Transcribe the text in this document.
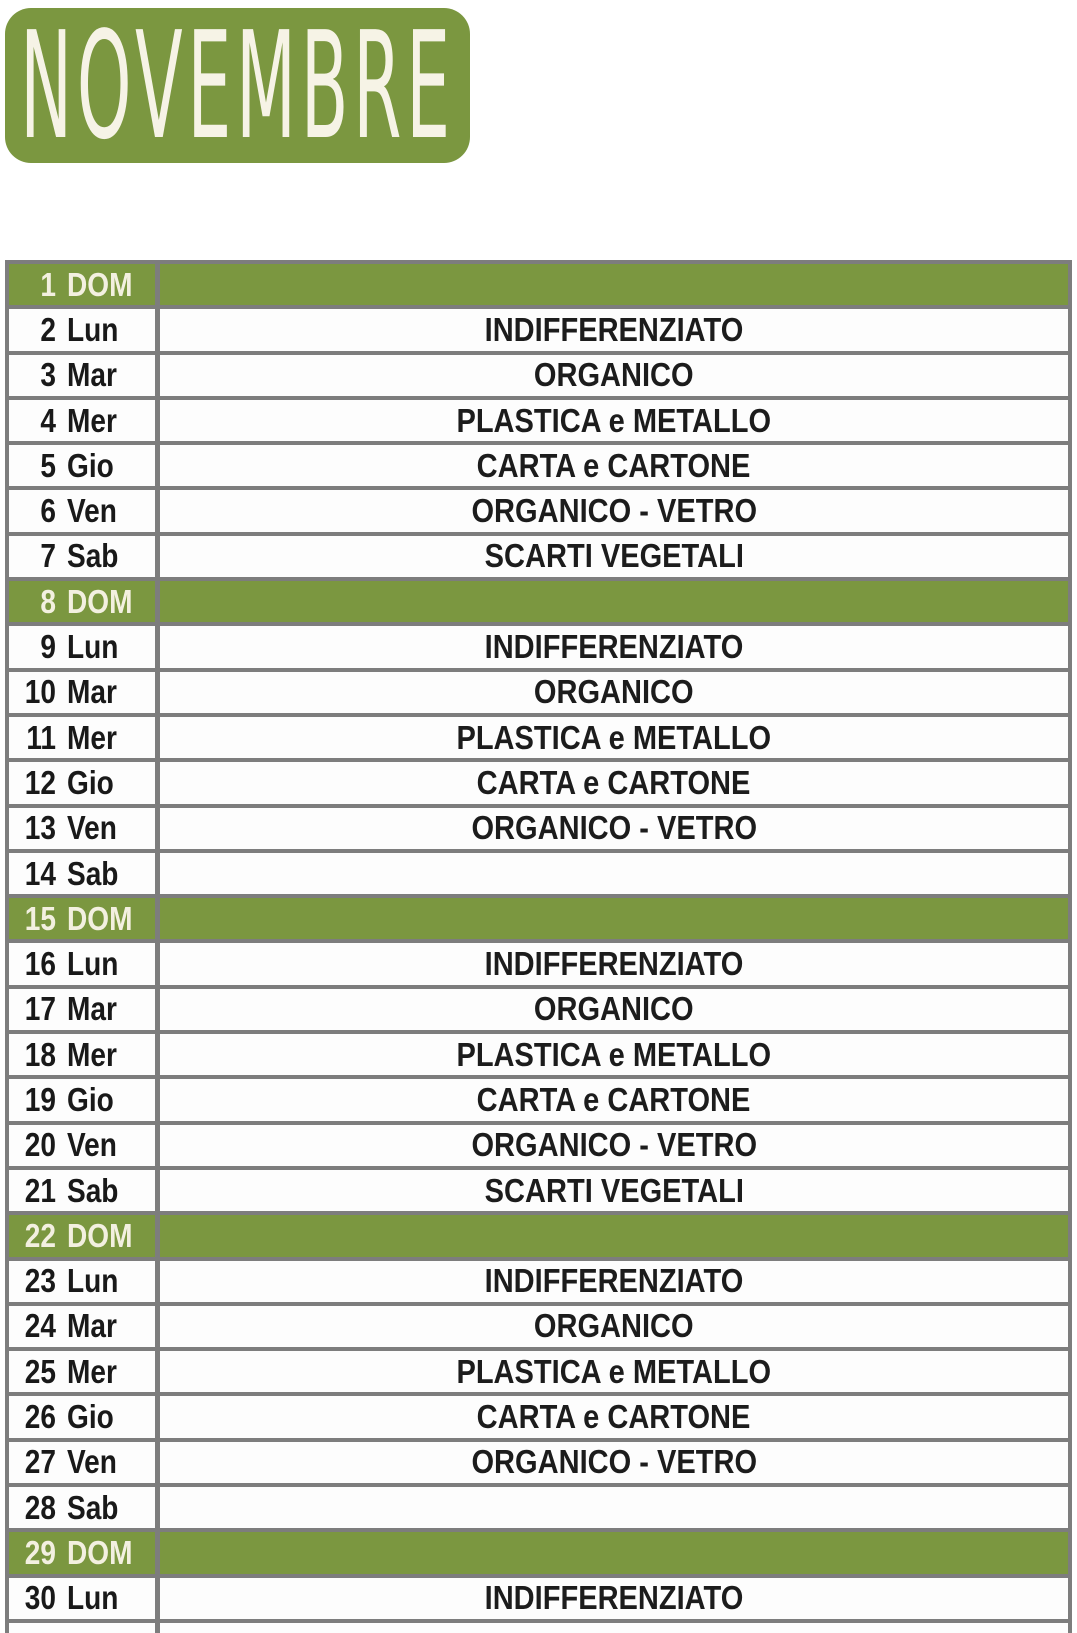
NOVEMBRE
1 DOM
2 Lun	INDIFFERENZIATO
3 Mar	ORGANICO
4 Mer	PLASTICA e METALLO
5 Gio	CARTA e CARTONE
6 Ven	ORGANICO - VETRO
7 Sab	SCARTI VEGETALI
8 DOM
9 Lun	INDIFFERENZIATO
10 Mar	ORGANICO
11 Mer	PLASTICA e METALLO
12 Gio	CARTA e CARTONE
13 Ven	ORGANICO - VETRO
14 Sab
15 DOM
16 Lun	INDIFFERENZIATO
17 Mar	ORGANICO
18 Mer	PLASTICA e METALLO
19 Gio	CARTA e CARTONE
20 Ven	ORGANICO - VETRO
21 Sab	SCARTI VEGETALI
22 DOM
23 Lun	INDIFFERENZIATO
24 Mar	ORGANICO
25 Mer	PLASTICA e METALLO
26 Gio	CARTA e CARTONE
27 Ven	ORGANICO - VETRO
28 Sab
29 DOM
30 Lun	INDIFFERENZIATO
